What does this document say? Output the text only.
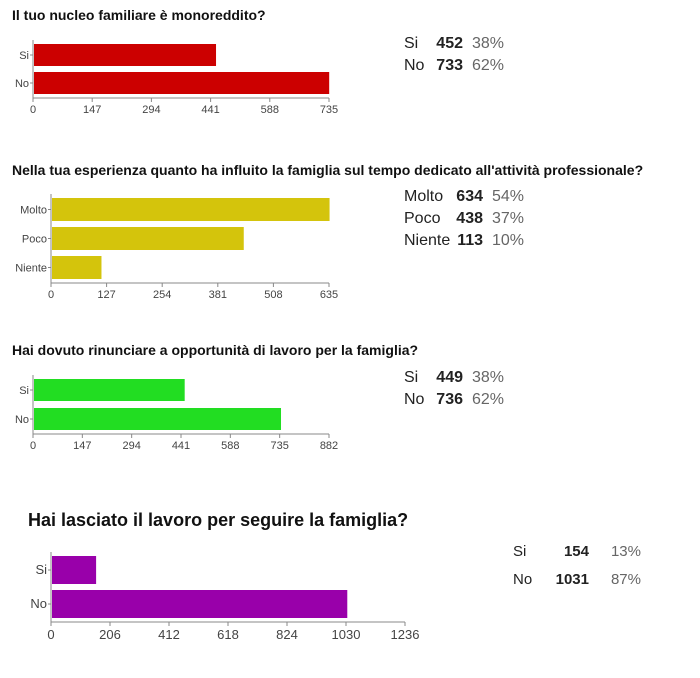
Il tuo nucleo familiare è monoreddito?
Si
No
0	147	294	441	588	735
Si	452 38%
No 733 62%
Nella tua esperienza quanto ha influito la famiglia sul tempo dedicato all'attività professionale?
Molto
Poco
Niente
0	127	254	381	508	635
Molto 634 54%
Poco 438 37%
Niente 113 10%
Hai dovuto rinunciare a opportunità di lavoro per la famiglia?
Si
No
0	147	294	441	588	735	882
Si	449 38%
No 736 62%
Hai lasciato il lavoro per seguire la famiglia?
Si
No
0	206	412	618	824	1030 1236
Si	154	13%
No	1031	87%
